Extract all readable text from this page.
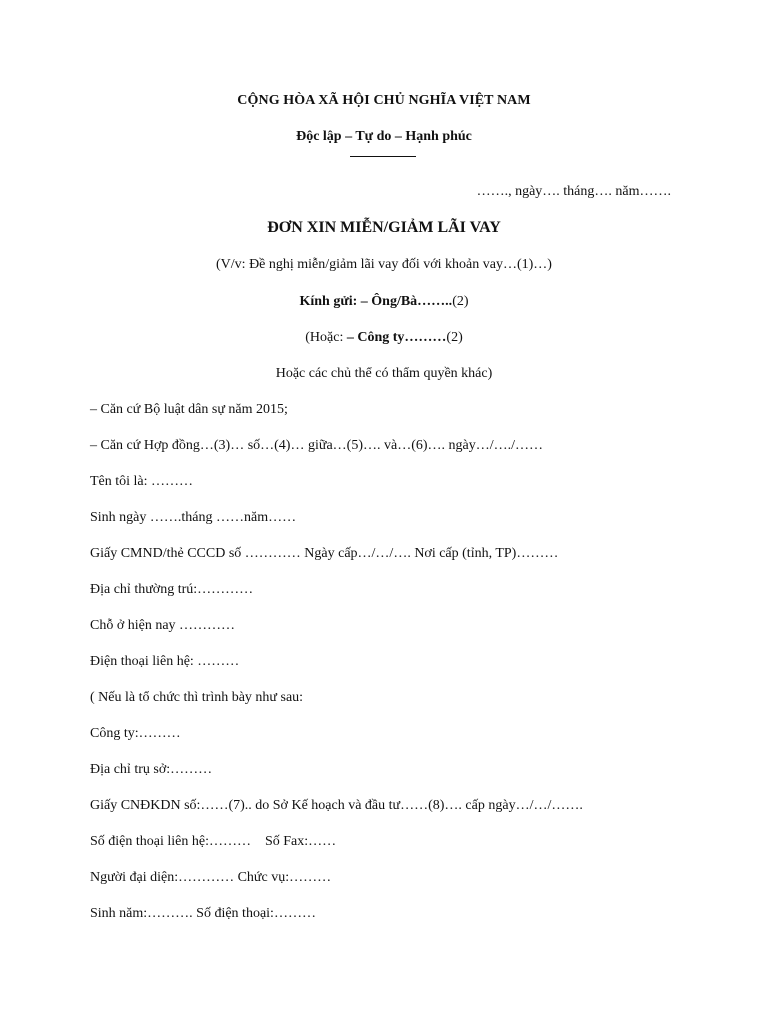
CỘNG HÒA XÃ HỘI CHỦ NGHĨA VIỆT NAM
Độc lập – Tự do – Hạnh phúc
……., ngày…. tháng…. năm…….
ĐƠN XIN MIỄN/GIẢM LÃI VAY
(V/v: Đề nghị miễn/giảm lãi vay đối với khoản vay…(1)…)
Kính gửi: – Ông/Bà……..(2)
(Hoặc: – Công ty………(2)
Hoặc các chủ thể có thẩm quyền khác)
– Căn cứ Bộ luật dân sự năm 2015;
– Căn cứ Hợp đồng…(3)… số…(4)… giữa…(5)…. và…(6)…. ngày…/…./……
Tên tôi là: ………
Sinh ngày …….tháng ……năm……
Giấy CMND/thẻ CCCD số ………… Ngày cấp…/…/…. Nơi cấp (tỉnh, TP)………
Địa chỉ thường trú:…………
Chỗ ở hiện nay …………
Điện thoại liên hệ: ………
( Nếu là tổ chức thì trình bày như sau:
Công ty:………
Địa chỉ trụ sở:………
Giấy CNĐKDN số:……(7).. do Sở Kế hoạch và đầu tư……(8)…. cấp ngày…/…/…….
Số điện thoại liên hệ:………    Số Fax:……
Người đại diện:………… Chức vụ:………
Sinh năm:………. Số điện thoại:………
